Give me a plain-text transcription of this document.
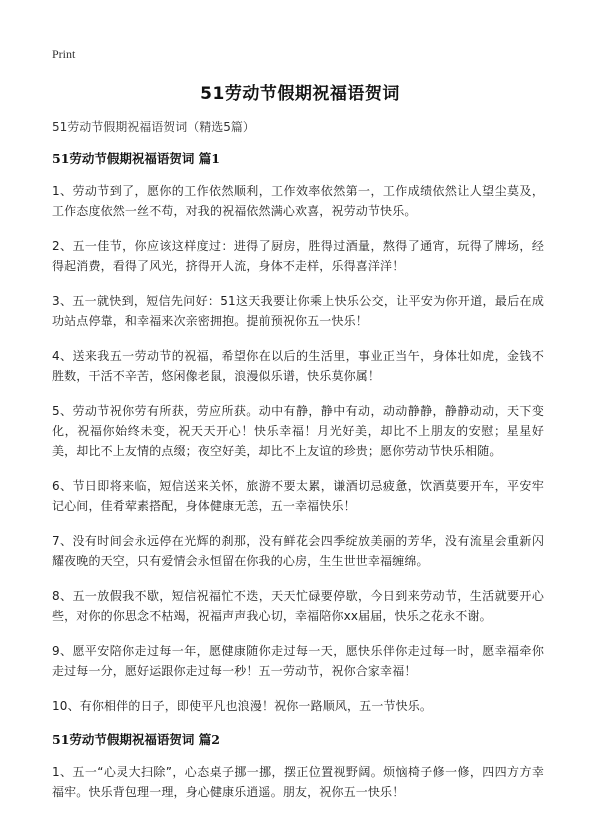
Print
51劳动节假期祝福语贺词
51劳动节假期祝福语贺词（精选5篇）
51劳动节假期祝福语贺词 篇1

1、劳动节到了，愿你的工作依然顺利，工作效率依然第一，工作成绩依然让人望尘莫及，工作态度依然一丝不苟，对我的祝福依然满心欢喜，祝劳动节快乐。

2、五一佳节，你应该这样度过：进得了厨房，胜得过酒量，熬得了通宵，玩得了牌场，经得起消费，看得了风光，挤得开人流，身体不走样，乐得喜洋洋！

3、五一就快到，短信先问好：51这天我要让你乘上快乐公交，让平安为你开道，最后在成功站点停靠，和幸福来次亲密拥抱。提前预祝你五一快乐！

4、送来我五一劳动节的祝福，希望你在以后的生活里，事业正当午，身体壮如虎，金钱不胜数，干活不辛苦，悠闲像老鼠，浪漫似乐谱，快乐莫你属！

5、劳动节祝你劳有所获，劳应所获。动中有静，静中有动，动动静静，静静动动，天下变化，祝福你始终未变，祝天天开心！快乐幸福！月光好美，却比不上朋友的安慰；星星好美，却比不上友情的点缀；夜空好美，却比不上友谊的珍贵；愿你劳动节快乐相随。

6、节日即将来临，短信送来关怀，旅游不要太累，谦酒切忌疲惫，饮酒莫要开车，平安牢记心间，佳肴荤素搭配，身体健康无恙，五一幸福快乐！

7、没有时间会永远停在光辉的刹那，没有鲜花会四季绽放美丽的芳华，没有流星会重新闪耀夜晚的天空，只有爱情会永恒留在你我的心房，生生世世幸福缠绵。

8、五一放假我不歇，短信祝福忙不迭，天天忙碌要停歇，今日到来劳动节，生活就要开心些，对你的你思念不枯竭，祝福声声我心切，幸福陪你xx届届，快乐之花永不谢。

9、愿平安陪你走过每一年，愿健康随你走过每一天，愿快乐伴你走过每一时，愿幸福牵你走过每一分，愿好运跟你走过每一秒！五一劳动节，祝你合家幸福！

10、有你相伴的日子，即使平凡也浪漫！祝你一路顺风，五一节快乐。

51劳动节假期祝福语贺词 篇2

1、五一“心灵大扫除”，心态桌子挪一挪，摆正位置视野阔。烦恼椅子修一修，四四方方幸福牢。快乐背包理一理，身心健康乐逍遥。朋友，祝你五一快乐！
